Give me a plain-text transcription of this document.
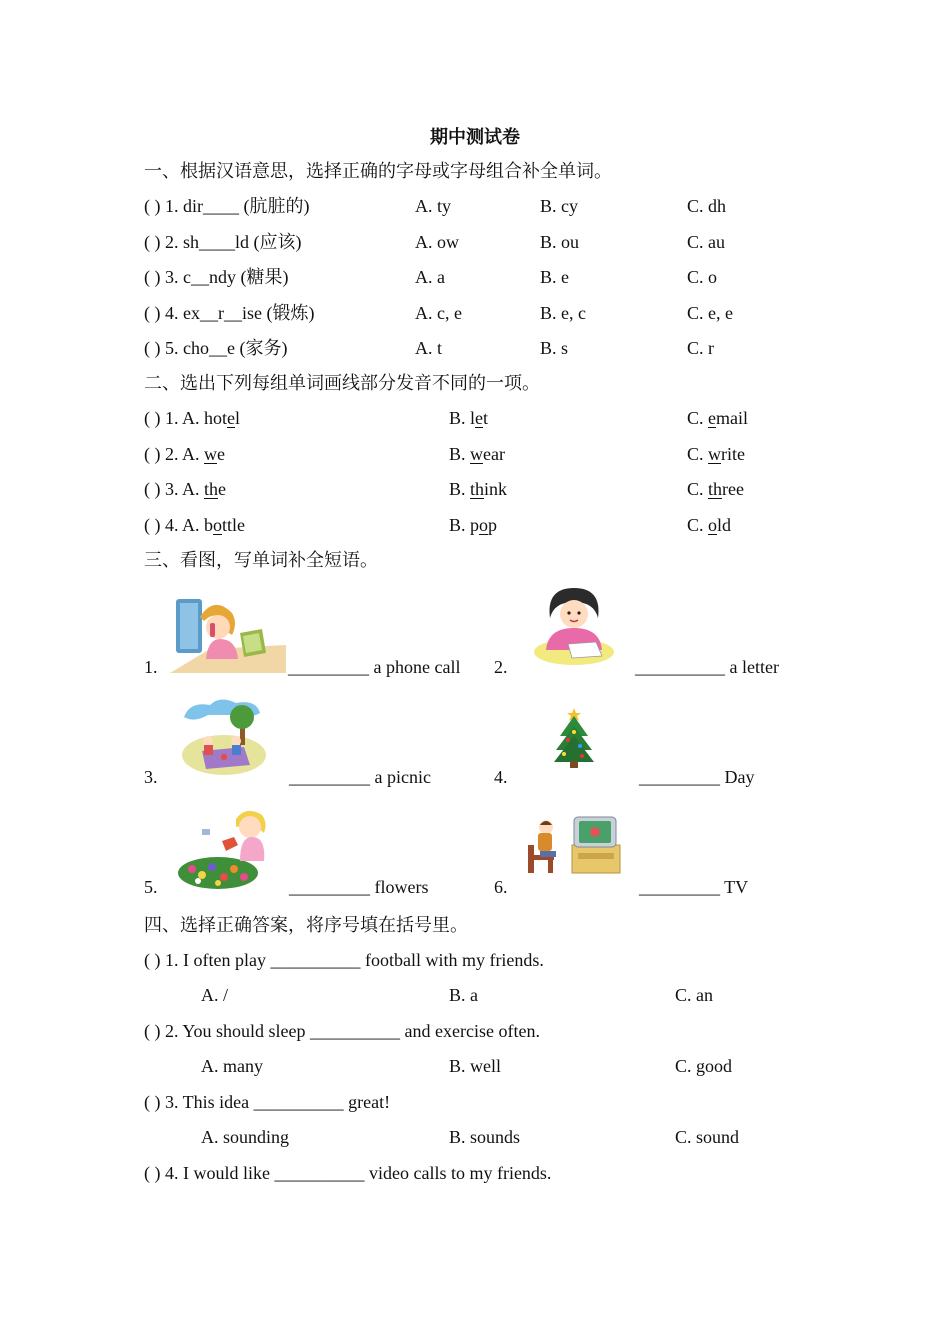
期中测试卷
一、根据汉语意思，选择正确的字母或字母组合补全单词。
( ) 1. dir____ (肮脏的)	A. ty	B. cy	C. dh
( ) 2. sh____ld (应该)	A. ow	B. ou	C. au
( ) 3. c__ndy (糖果)	A. a	B. e	C. o
( ) 4. ex__r__ise (锻炼)	A. c, e	B. e, c	C. e, e
( ) 5. cho__e (家务)	A. t	B. s	C. r
二、选出下列每组单词画线部分发音不同的一项。
( ) 1. A. hotel	B. let	C. email
( ) 2. A. we	B. wear	C. write
( ) 3. A. the	B. think	C. three
( ) 4. A. bottle	B. pop	C. old
三、看图，写单词补全短语。
1.	_________ a phone call 2.	__________ a letter
3.	_________ a picnic	4.	_________ Day
5.	_________ flowers	6.	_________ TV
四、选择正确答案，将序号填在括号里。
( ) 1. I often play __________ football with my friends.
A. /	B. a	C. an
( ) 2. You should sleep __________ and exercise often.
A. many	B. well	C. good
( ) 3. This idea __________ great!
A. sounding	B. sounds	C. sound
( ) 4. I would like __________ video calls to my friends.
